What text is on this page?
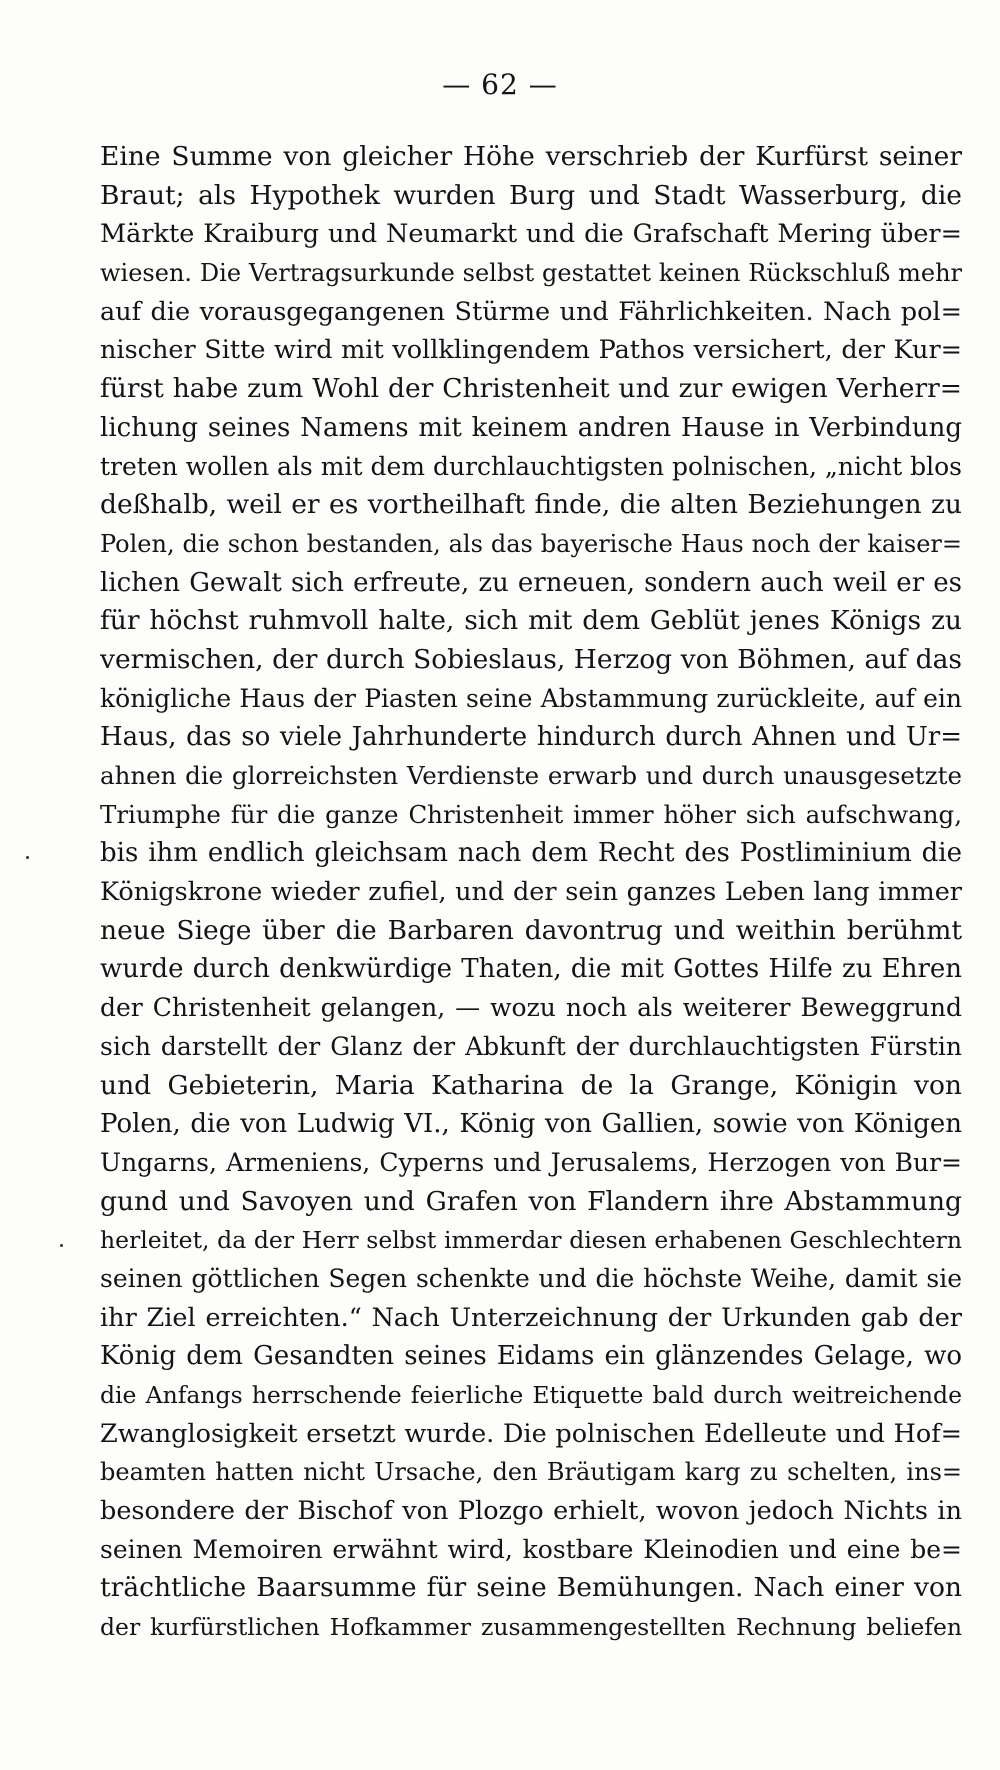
— 62 —
Eine Summe von gleicher Höhe verschrieb der Kurfürst seiner
Braut; als Hypothek wurden Burg und Stadt Wasserburg, die
Märkte Kraiburg und Neumarkt und die Grafschaft Mering über=
wiesen. Die Vertragsurkunde selbst gestattet keinen Rückschluß mehr
auf die vorausgegangenen Stürme und Fährlichkeiten. Nach pol=
nischer Sitte wird mit vollklingendem Pathos versichert, der Kur=
fürst habe zum Wohl der Christenheit und zur ewigen Verherr=
lichung seines Namens mit keinem andren Hause in Verbindung
treten wollen als mit dem durchlauchtigsten polnischen, „nicht blos
deßhalb, weil er es vortheilhaft finde, die alten Beziehungen zu
Polen, die schon bestanden, als das bayerische Haus noch der kaiser=
lichen Gewalt sich erfreute, zu erneuen, sondern auch weil er es
für höchst ruhmvoll halte, sich mit dem Geblüt jenes Königs zu
vermischen, der durch Sobieslaus, Herzog von Böhmen, auf das
königliche Haus der Piasten seine Abstammung zurückleite, auf ein
Haus, das so viele Jahrhunderte hindurch durch Ahnen und Ur=
ahnen die glorreichsten Verdienste erwarb und durch unausgesetzte
Triumphe für die ganze Christenheit immer höher sich aufschwang,
bis ihm endlich gleichsam nach dem Recht des Postliminium die
Königskrone wieder zufiel, und der sein ganzes Leben lang immer
neue Siege über die Barbaren davontrug und weithin berühmt
wurde durch denkwürdige Thaten, die mit Gottes Hilfe zu Ehren
der Christenheit gelangen, — wozu noch als weiterer Beweggrund
sich darstellt der Glanz der Abkunft der durchlauchtigsten Fürstin
und Gebieterin, Maria Katharina de la Grange, Königin von
Polen, die von Ludwig VI., König von Gallien, sowie von Königen
Ungarns, Armeniens, Cyperns und Jerusalems, Herzogen von Bur=
gund und Savoyen und Grafen von Flandern ihre Abstammung
herleitet, da der Herr selbst immerdar diesen erhabenen Geschlechtern
seinen göttlichen Segen schenkte und die höchste Weihe, damit sie
ihr Ziel erreichten.“ Nach Unterzeichnung der Urkunden gab der
König dem Gesandten seines Eidams ein glänzendes Gelage, wo
die Anfangs herrschende feierliche Etiquette bald durch weitreichende
Zwanglosigkeit ersetzt wurde. Die polnischen Edelleute und Hof=
beamten hatten nicht Ursache, den Bräutigam karg zu schelten, ins=
besondere der Bischof von Plozgo erhielt, wovon jedoch Nichts in
seinen Memoiren erwähnt wird, kostbare Kleinodien und eine be=
trächtliche Baarsumme für seine Bemühungen. Nach einer von
der kurfürstlichen Hofkammer zusammengestellten Rechnung beliefen
